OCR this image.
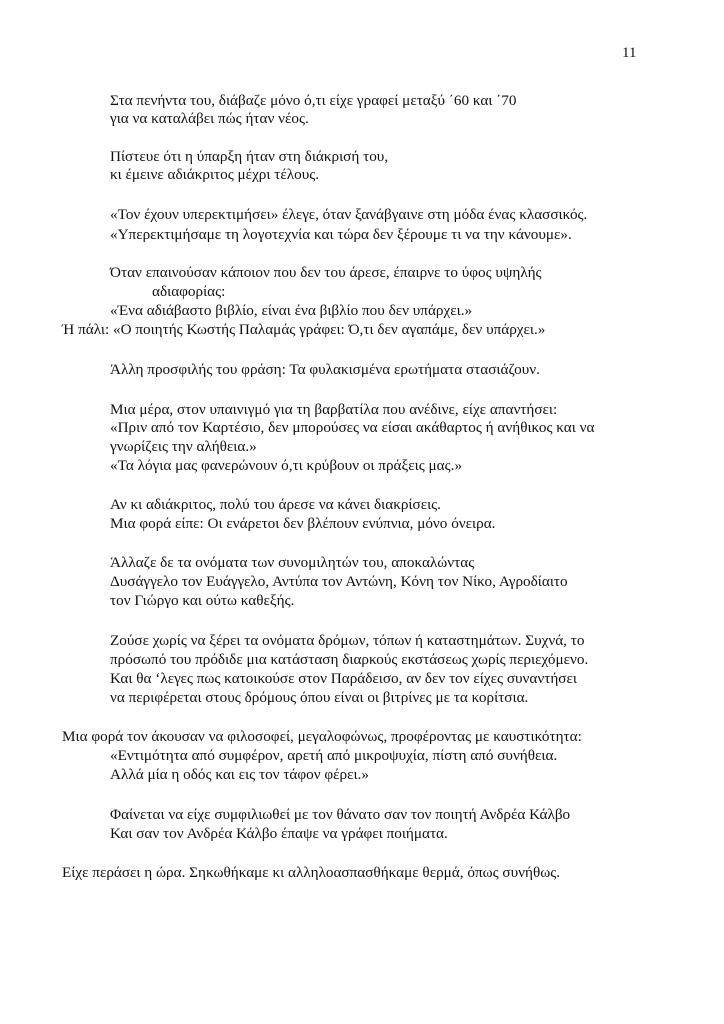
11
Στα πενήντα του, διάβαζε μόνο ό,τι είχε γραφεί μεταξύ ΄60 και ΄70
για να καταλάβει πώς ήταν νέος.
Πίστευε ότι η ύπαρξη ήταν στη διάκρισή του,
κι έμεινε αδιάκριτος μέχρι τέλους.
«Τον έχουν υπερεκτιμήσει» έλεγε, όταν ξανάβγαινε στη μόδα ένας κλασσικός.
«Υπερεκτιμήσαμε τη λογοτεχνία και τώρα δεν ξέρουμε τι να την κάνουμε».
Όταν επαινούσαν κάποιον που δεν του άρεσε, έπαιρνε το ύφος υψηλής
αδιαφορίας:
«Ένα αδιάβαστο βιβλίο, είναι ένα βιβλίο που δεν υπάρχει.»
Ή πάλι: «Ο ποιητής Κωστής Παλαμάς γράφει: Ό,τι δεν αγαπάμε, δεν υπάρχει.»
Άλλη προσφιλής του φράση: Τα φυλακισμένα ερωτήματα στασιάζουν.
Μια μέρα, στον υπαινιγμό για τη βαρβατίλα που ανέδινε, είχε απαντήσει:
«Πριν από τον Καρτέσιο, δεν μπορούσες να είσαι ακάθαρτος ή ανήθικος και να
γνωρίζεις την αλήθεια.»
«Τα λόγια μας φανερώνουν ό,τι κρύβουν οι πράξεις μας.»
Αν κι αδιάκριτος, πολύ του άρεσε να κάνει διακρίσεις.
Μια φορά είπε: Οι ενάρετοι δεν βλέπουν ενύπνια, μόνο όνειρα.
Άλλαζε δε τα ονόματα των συνομιλητών του, αποκαλώντας
Δυσάγγελο τον Ευάγγελο, Αντύπα τον Αντώνη, Κόνη τον Νίκο, Αγροδίαιτο
τον Γιώργο και ούτω καθεξής.
Ζούσε χωρίς να ξέρει τα ονόματα δρόμων, τόπων ή καταστημάτων. Συχνά, το
πρόσωπό του πρόδιδε μια κατάσταση διαρκούς εκστάσεως χωρίς περιεχόμενο.
Και θα ‘λεγες πως κατοικούσε στον Παράδεισο, αν δεν τον είχες συναντήσει
να περιφέρεται στους δρόμους όπου είναι οι βιτρίνες με τα κορίτσια.
Μια φορά τον άκουσαν να φιλοσοφεί, μεγαλοφώνως, προφέροντας με καυστικότητα:
«Εντιμότητα από συμφέρον, αρετή από μικροψυχία, πίστη από συνήθεια.
Αλλά μία η οδός και εις τον τάφον φέρει.»
Φαίνεται να είχε συμφιλιωθεί με τον θάνατο σαν τον ποιητή Ανδρέα Κάλβο
Και σαν τον Ανδρέα Κάλβο έπαψε να γράφει ποιήματα.
Είχε περάσει η ώρα. Σηκωθήκαμε κι αλληλοασπασθήκαμε θερμά, όπως συνήθως.
